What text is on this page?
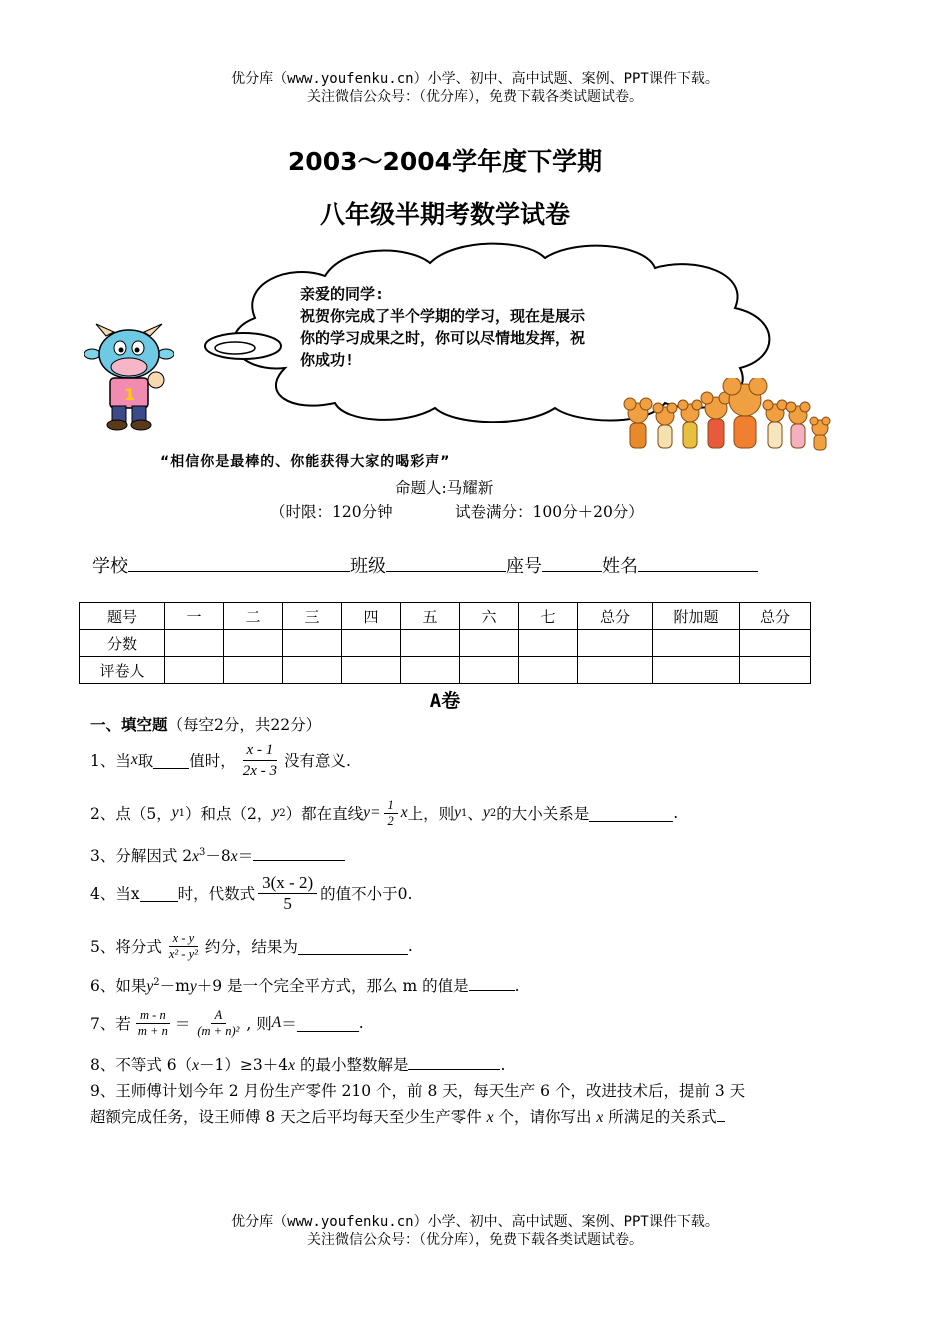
优分库（www.youfenku.cn）小学、初中、高中试题、案例、PPT课件下载。
关注微信公众号：（优分库），免费下载各类试题试卷。
2003～2004学年度下学期
八年级半期考数学试卷
亲爱的同学:
祝贺你完成了半个学期的学习，现在是展示
你的学习成果之时，你可以尽情地发挥，祝
你成功!
1
“相信你是最棒的、你能获得大家的喝彩声”
命题人:马耀新
（时限：120分钟	试卷满分：100分＋20分）
学校	班级	座号	姓名
题号	一	二	三	四	五	六	七	总分	附加题	总分
分数										
评卷人										
A卷
一、填空题（每空2分，共22分）
1、当 x 取 值时， $\frac{x - 1}{2x - 3}$ 没有意义.
2、点（5， y 1 ）和点（2， y 2 ）都在直线 $y= \frac{1}{2}$ x 上，则 y 1 、 y 2 的大小关系是	.
3、分解因式 $2x^3-8x=$
4、当x 时，代数式 $\frac{3(x - 2)}{5}$ 的值不小于0.
5、将分式 $\frac{x - y}{\text{x² - y²}}$ 约分，结果为	.
6、如果$y^2-my+9$ 是一个完全平方式，那么 m 的值是	.
7、若 $\frac{m - n}{m + n} = \frac{A}{\text{(m + n)²}}$ , 则 A ＝	.
8、不等式 6（x－1）≥3＋4x 的最小整数解是	.
9、王师傅计划今年 2 月份生产零件 210 个，前 8 天，每天生产 6 个，改进技术后，提前 3 天
超额完成任务，设王师傅 8 天之后平均每天至少生产零件 x 个，请你写出 x 所满足的关系式
优分库（www.youfenku.cn）小学、初中、高中试题、案例、PPT课件下载。
关注微信公众号：（优分库），免费下载各类试题试卷。
